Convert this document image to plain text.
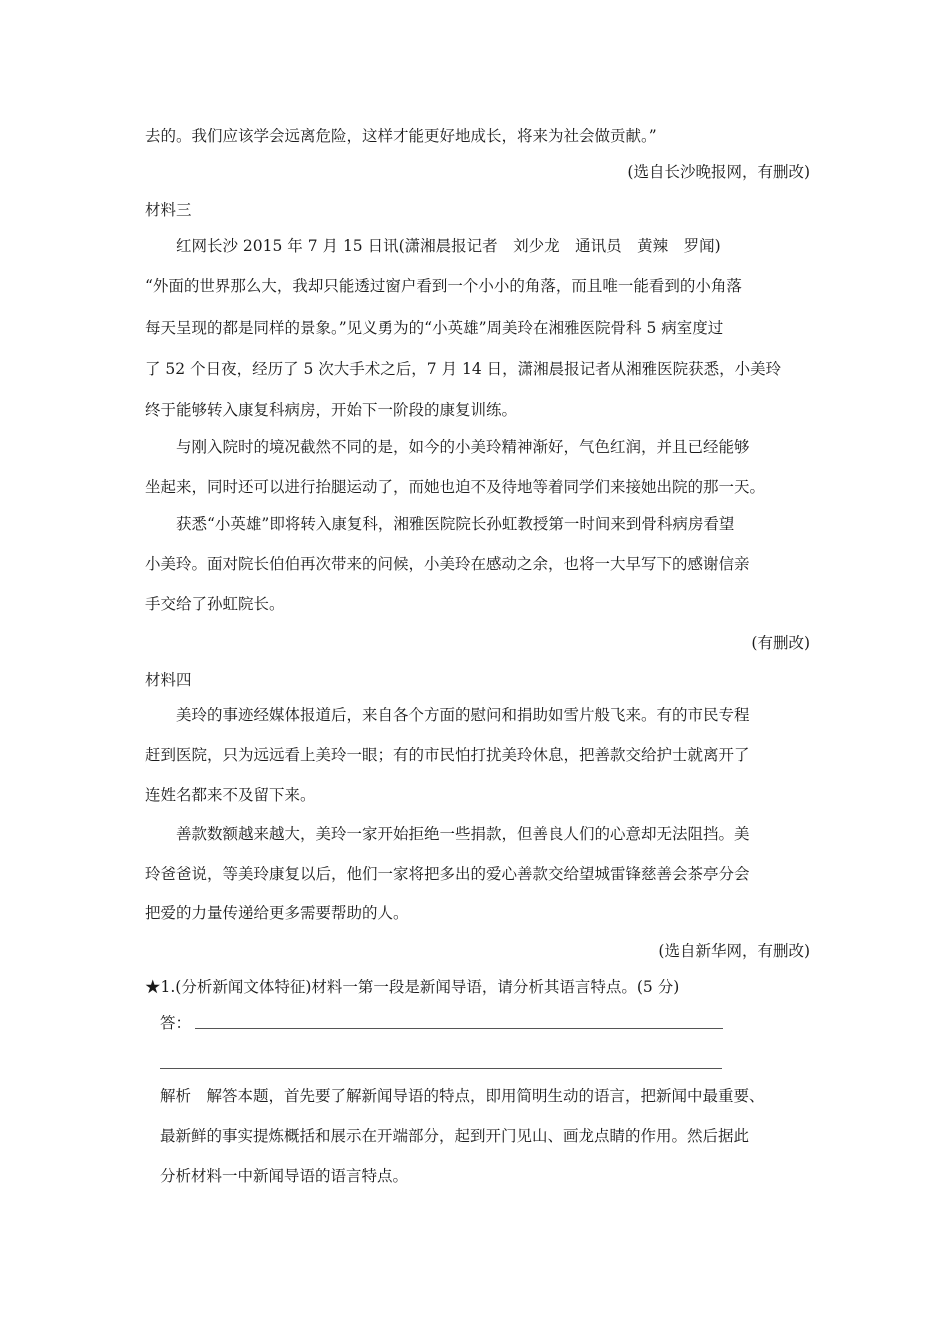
去的。我们应该学会远离危险，这样才能更好地成长，将来为社会做贡献。”
(选自长沙晚报网，有删改)
材料三
红网长沙 2015 年 7 月 15 日讯(潇湘晨报记者　刘少龙　通讯员　黄辣　罗闻)
“外面的世界那么大，我却只能透过窗户看到一个小小的角落，而且唯一能看到的小角落
每天呈现的都是同样的景象。”见义勇为的“小英雄”周美玲在湘雅医院骨科 5 病室度过
了 52 个日夜，经历了 5 次大手术之后，7 月 14 日，潇湘晨报记者从湘雅医院获悉，小美玲
终于能够转入康复科病房，开始下一阶段的康复训练。
与刚入院时的境况截然不同的是，如今的小美玲精神渐好，气色红润，并且已经能够
坐起来，同时还可以进行抬腿运动了，而她也迫不及待地等着同学们来接她出院的那一天。
获悉“小英雄”即将转入康复科，湘雅医院院长孙虹教授第一时间来到骨科病房看望
小美玲。面对院长伯伯再次带来的问候，小美玲在感动之余，也将一大早写下的感谢信亲
手交给了孙虹院长。
(有删改)
材料四
美玲的事迹经媒体报道后，来自各个方面的慰问和捐助如雪片般飞来。有的市民专程
赶到医院，只为远远看上美玲一眼；有的市民怕打扰美玲休息，把善款交给护士就离开了
连姓名都来不及留下来。
善款数额越来越大，美玲一家开始拒绝一些捐款，但善良人们的心意却无法阻挡。美
玲爸爸说，等美玲康复以后，他们一家将把多出的爱心善款交给望城雷锋慈善会茶亭分会
把爱的力量传递给更多需要帮助的人。
(选自新华网，有删改)
★1.(分析新闻文体特征)材料一第一段是新闻导语，请分析其语言特点。(5 分)
答：
解析　解答本题，首先要了解新闻导语的特点，即用简明生动的语言，把新闻中最重要、
最新鲜的事实提炼概括和展示在开端部分，起到开门见山、画龙点睛的作用。然后据此
分析材料一中新闻导语的语言特点。
